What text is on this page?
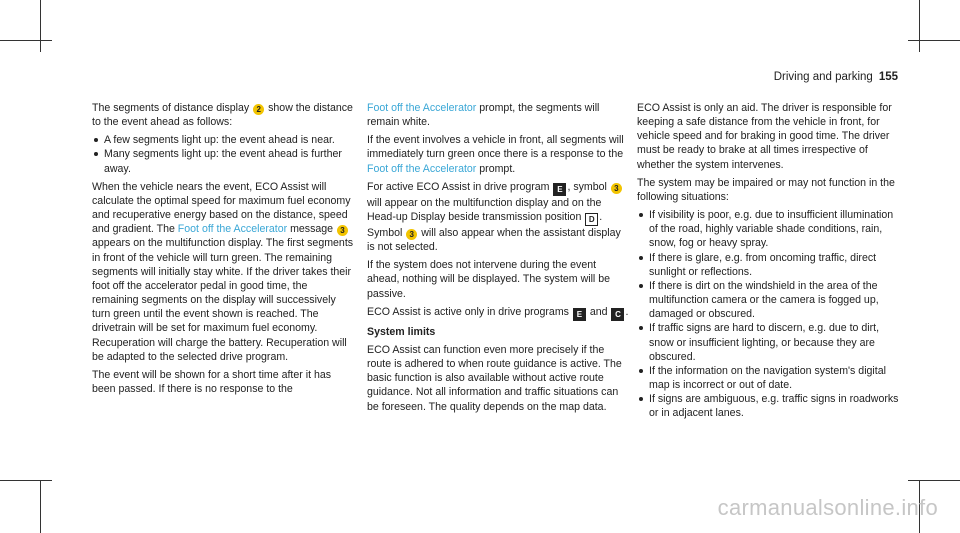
Driving and parking 155

The segments of distance display 2 show the distance to the event ahead as follows:

A few segments light up: the event ahead is near.
Many segments light up: the event ahead is further away.

When the vehicle nears the event, ECO Assist will calculate the optimal speed for maximum fuel economy and recuperative energy based on the distance, speed and gradient. The Foot off the Accelerator message 3 appears on the multifunction display. The first segments in front of the vehicle will turn green. The remaining segments will initially stay white. If the driver takes their foot off the accelerator pedal in good time, the remaining segments on the display will successively turn green until the event shown is reached. The drivetrain will be set for maximum fuel economy. Recuperation will charge the battery. Recuperation will be adapted to the selected drive program.

The event will be shown for a short time after it has been passed. If there is no response to the

Foot off the Accelerator prompt, the segments will remain white.

If the event involves a vehicle in front, all segments will immediately turn green once there is a response to the Foot off the Accelerator prompt.

For active ECO Assist in drive program E , symbol 3 will appear on the multifunction display and on the Head-up Display beside transmission position D . Symbol 3 will also appear when the assistant display is not selected.

If the system does not intervene during the event ahead, nothing will be displayed. The system will be passive.

ECO Assist is active only in drive programs E and C .

System limits

ECO Assist can function even more precisely if the route is adhered to when route guidance is active. The basic function is also available without active route guidance. Not all information and traffic situations can be foreseen. The quality depends on the map data.

ECO Assist is only an aid. The driver is responsible for keeping a safe distance from the vehicle in front, for vehicle speed and for braking in good time. The driver must be ready to brake at all times irrespective of whether the system intervenes.

The system may be impaired or may not function in the following situations:

If visibility is poor, e.g. due to insufficient illumination of the road, highly variable shade conditions, rain, snow, fog or heavy spray.
If there is glare, e.g. from oncoming traffic, direct sunlight or reflections.
If there is dirt on the windshield in the area of the multifunction camera or the camera is fogged up, damaged or obscured.
If traffic signs are hard to discern, e.g. due to dirt, snow or insufficient lighting, or because they are obscured.
If the information on the navigation system's digital map is incorrect or out of date.
If signs are ambiguous, e.g. traffic signs in roadworks or in adjacent lanes.
carmanualsonline.info
